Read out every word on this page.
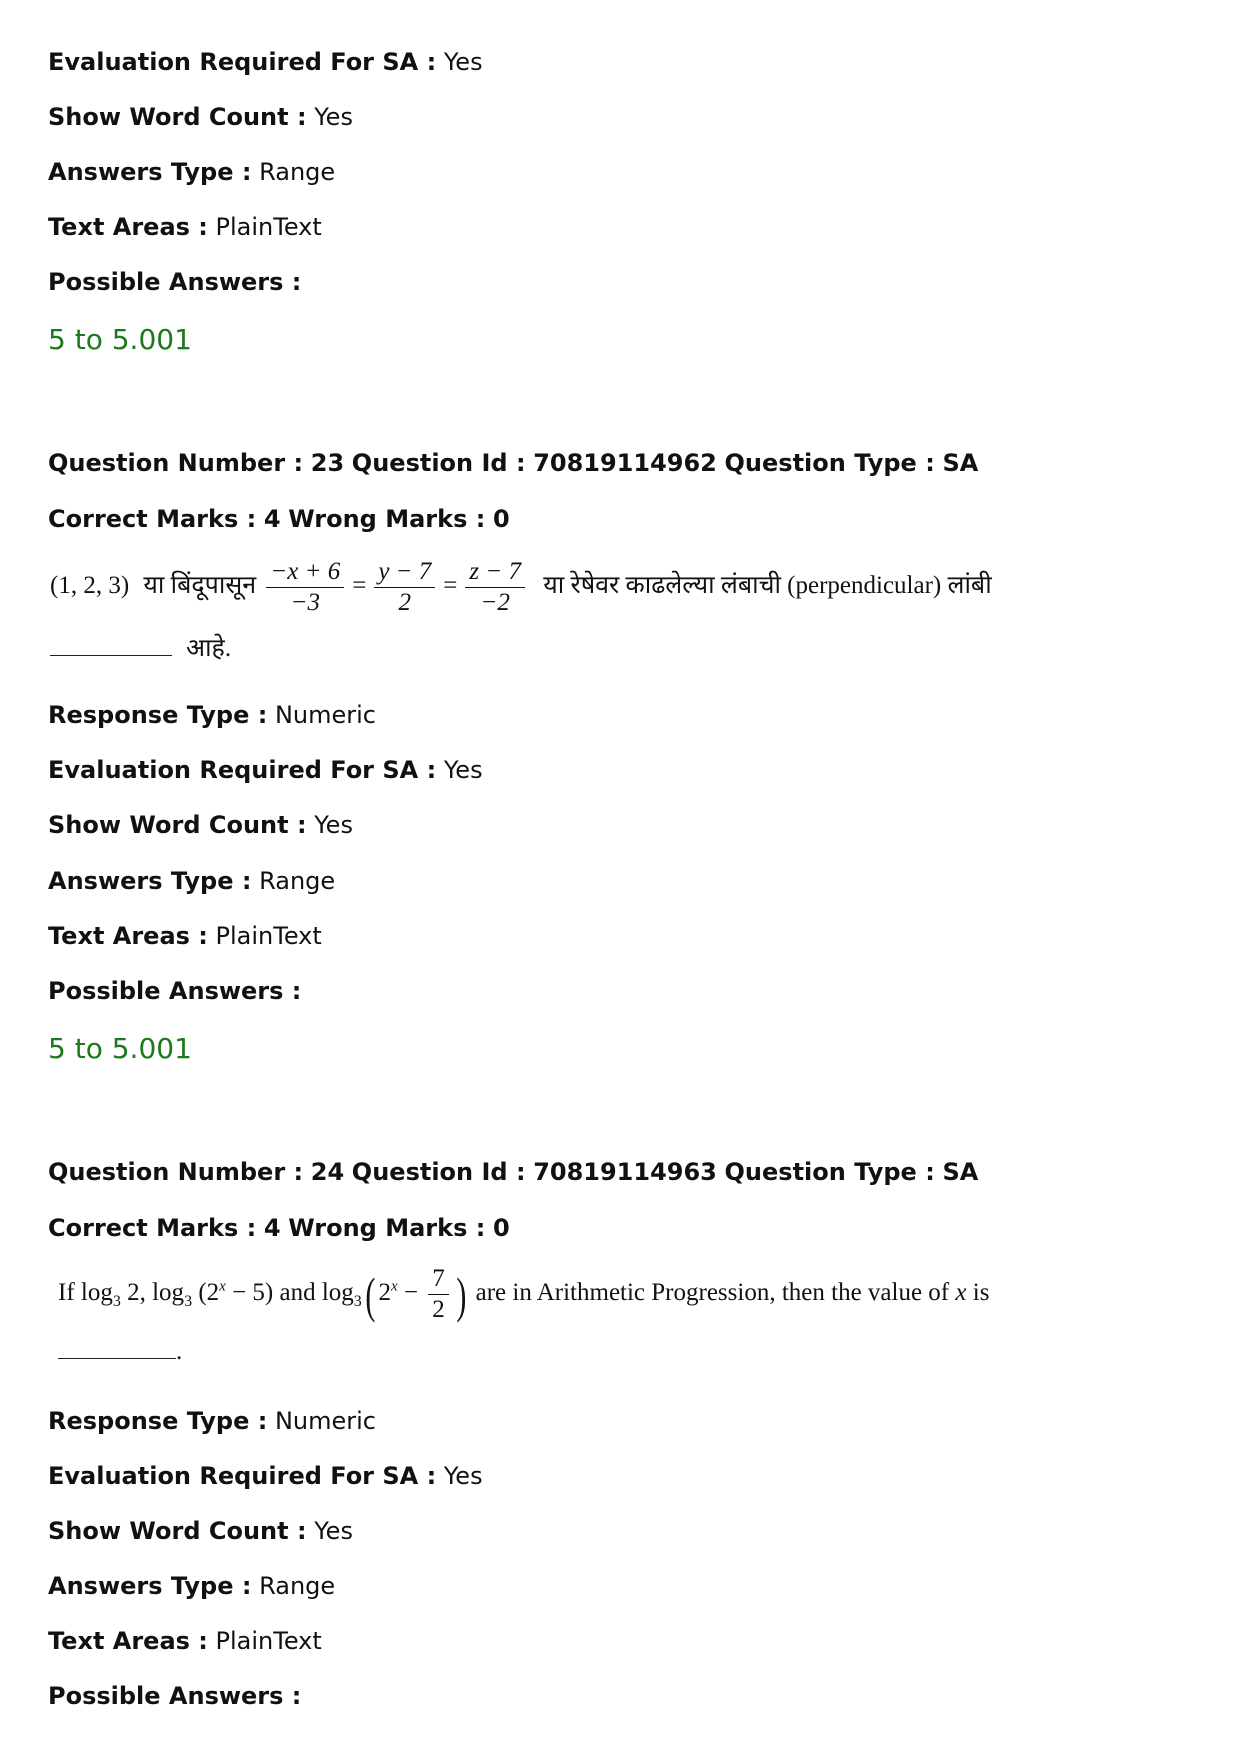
Evaluation Required For SA : Yes
Show Word Count : Yes
Answers Type : Range
Text Areas : PlainText
Possible Answers :
5 to 5.001
Question Number : 23 Question Id : 70819114962 Question Type : SA
Correct Marks : 4 Wrong Marks : 0
(1, 2, 3) या बिंदूपासून $\frac{-x + 6}{-3} = \frac{y - 7}{2} = \frac{z - 7}{-2}$ या रेषेवर काढलेल्या लंबाची (perpendicular) लांबी
आहे.
Response Type : Numeric
Evaluation Required For SA : Yes
Show Word Count : Yes
Answers Type : Range
Text Areas : PlainText
Possible Answers :
5 to 5.001
Question Number : 24 Question Id : 70819114963 Question Type : SA
Correct Marks : 4 Wrong Marks : 0
If $\log_3 2$, $\log_3 (2^x - 5)$ and $\log_3$( $2^x - \frac{7}{2}$ ) are in Arithmetic Progression, then the value of x is
.
Response Type : Numeric
Evaluation Required For SA : Yes
Show Word Count : Yes
Answers Type : Range
Text Areas : PlainText
Possible Answers :
